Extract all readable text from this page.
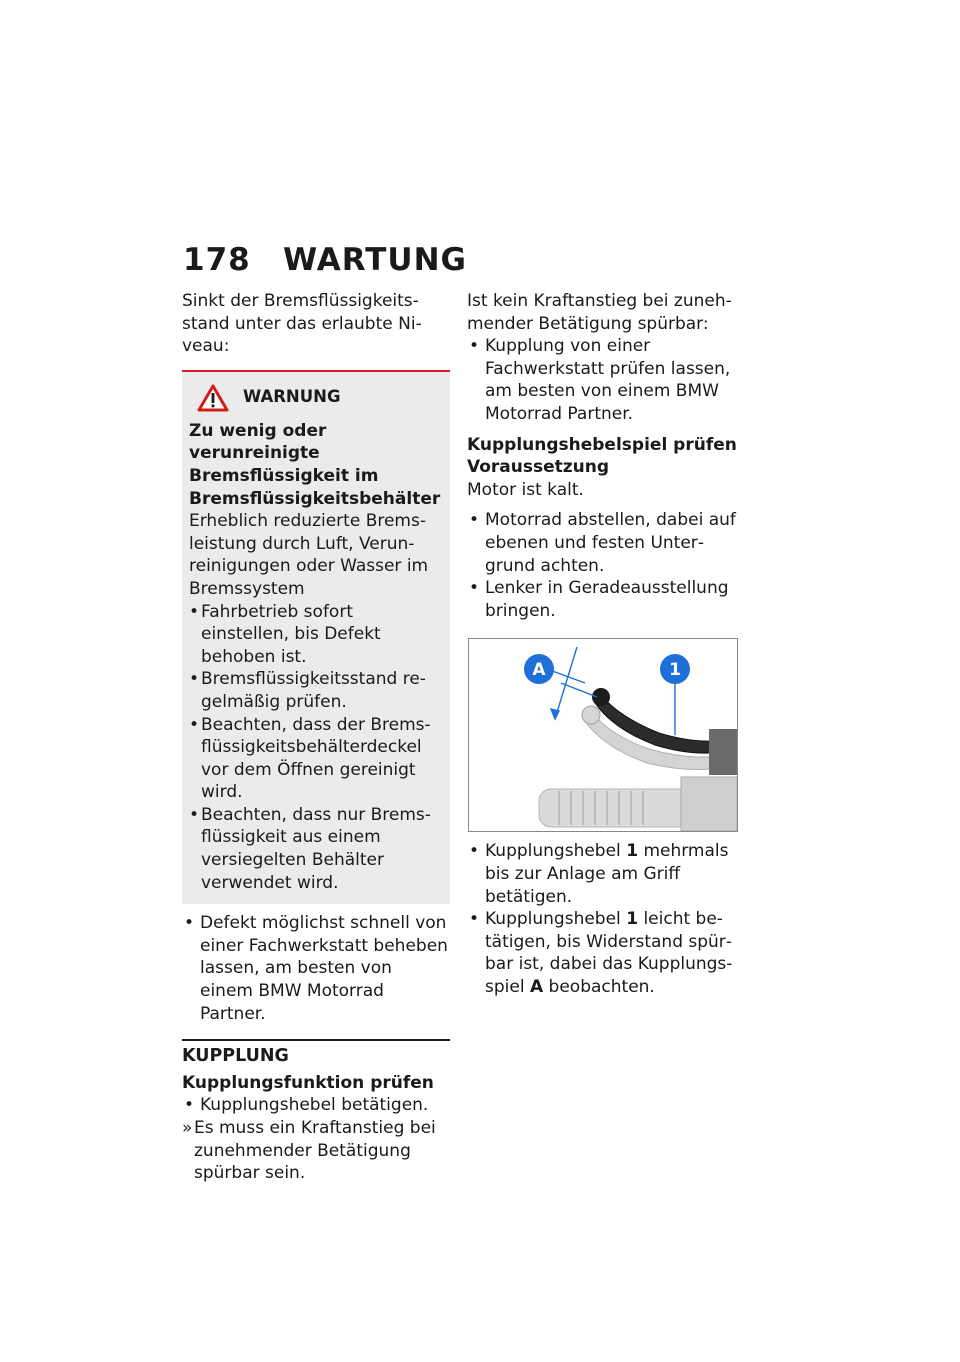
178 WARTUNG

Sinkt der Bremsflüssigkeitsstand unter das erlaubte Niveau:

WARNUNG

Zu wenig oder verunreinigte Bremsflüssigkeit im Bremsflüssigkeitsbehälter

Erheblich reduzierte Bremsleistung durch Luft, Verunreinigungen oder Wasser im Bremssystem

• Fahrbetrieb sofort einstellen, bis Defekt behoben ist.
• Bremsflüssigkeitsstand regelmäßig prüfen.
• Beachten, dass der Bremsflüssigkeitsbehälterdeckel vor dem Öffnen gereinigt wird.
• Beachten, dass nur Bremsflüssigkeit aus einem versiegelten Behälter verwendet wird.

• Defekt möglichst schnell von einer Fachwerkstatt beheben lassen, am besten von einem BMW Motorrad Partner.

KUPPLUNG

Kupplungsfunktion prüfen

• Kupplungshebel betätigen.

» Es muss ein Kraftanstieg bei zunehmender Betätigung spürbar sein.

Ist kein Kraftanstieg bei zunehmender Betätigung spürbar:

• Kupplung von einer Fachwerkstatt prüfen lassen, am besten von einem BMW Motorrad Partner.

Kupplungshebelspiel prüfen

Voraussetzung

Motor ist kalt.

• Motorrad abstellen, dabei auf ebenen und festen Untergrund achten.

• Lenker in Geradeausstellung bringen.

A	1

• Kupplungshebel 1 mehrmals bis zur Anlage am Griff betätigen.

• Kupplungshebel 1 leicht betätigen, bis Widerstand spürbar ist, dabei das Kupplungsspiel A beobachten.
